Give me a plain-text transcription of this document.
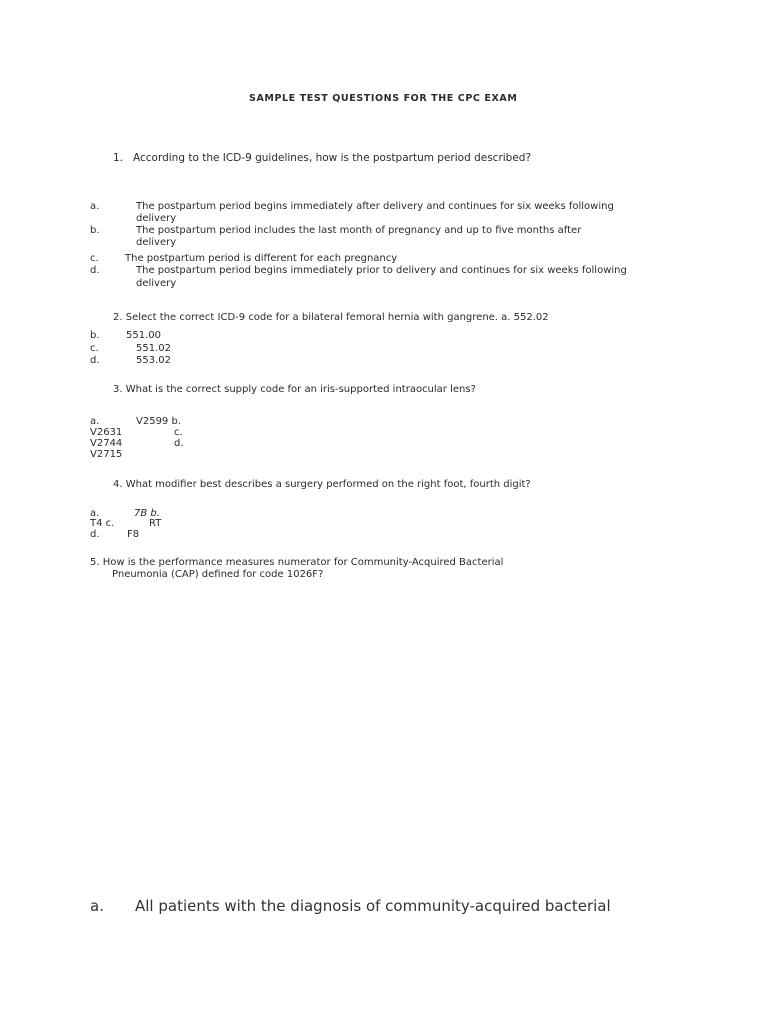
SAMPLE TEST QUESTIONS FOR THE CPC EXAM
1. According to the ICD-9 guidelines, how is the postpartum period described?
a.	The postpartum period begins immediately after delivery and continues for six weeks following
delivery
b.	The postpartum period includes the last month of pregnancy and up to five months after
delivery
c.	The postpartum period is different for each pregnancy
d.	The postpartum period begins immediately prior to delivery and continues for six weeks following
delivery
2. Select the correct ICD-9 code for a bilateral femoral hernia with gangrene. a. 552.02
b.	551.00
c.	551.02
d.	553.02
3. What is the correct supply code for an iris-supported intraocular lens?
a.	V2599 b.
V2631	c.
V2744	d.
V2715
4. What modifier best describes a surgery performed on the right foot, fourth digit?
a.	7B b.
T4 c.	RT
d.	F8
5. How is the performance measures numerator for Community-Acquired Bacterial
Pneumonia (CAP) defined for code 1026F?
a. All patients with the diagnosis of community-acquired bacterial
